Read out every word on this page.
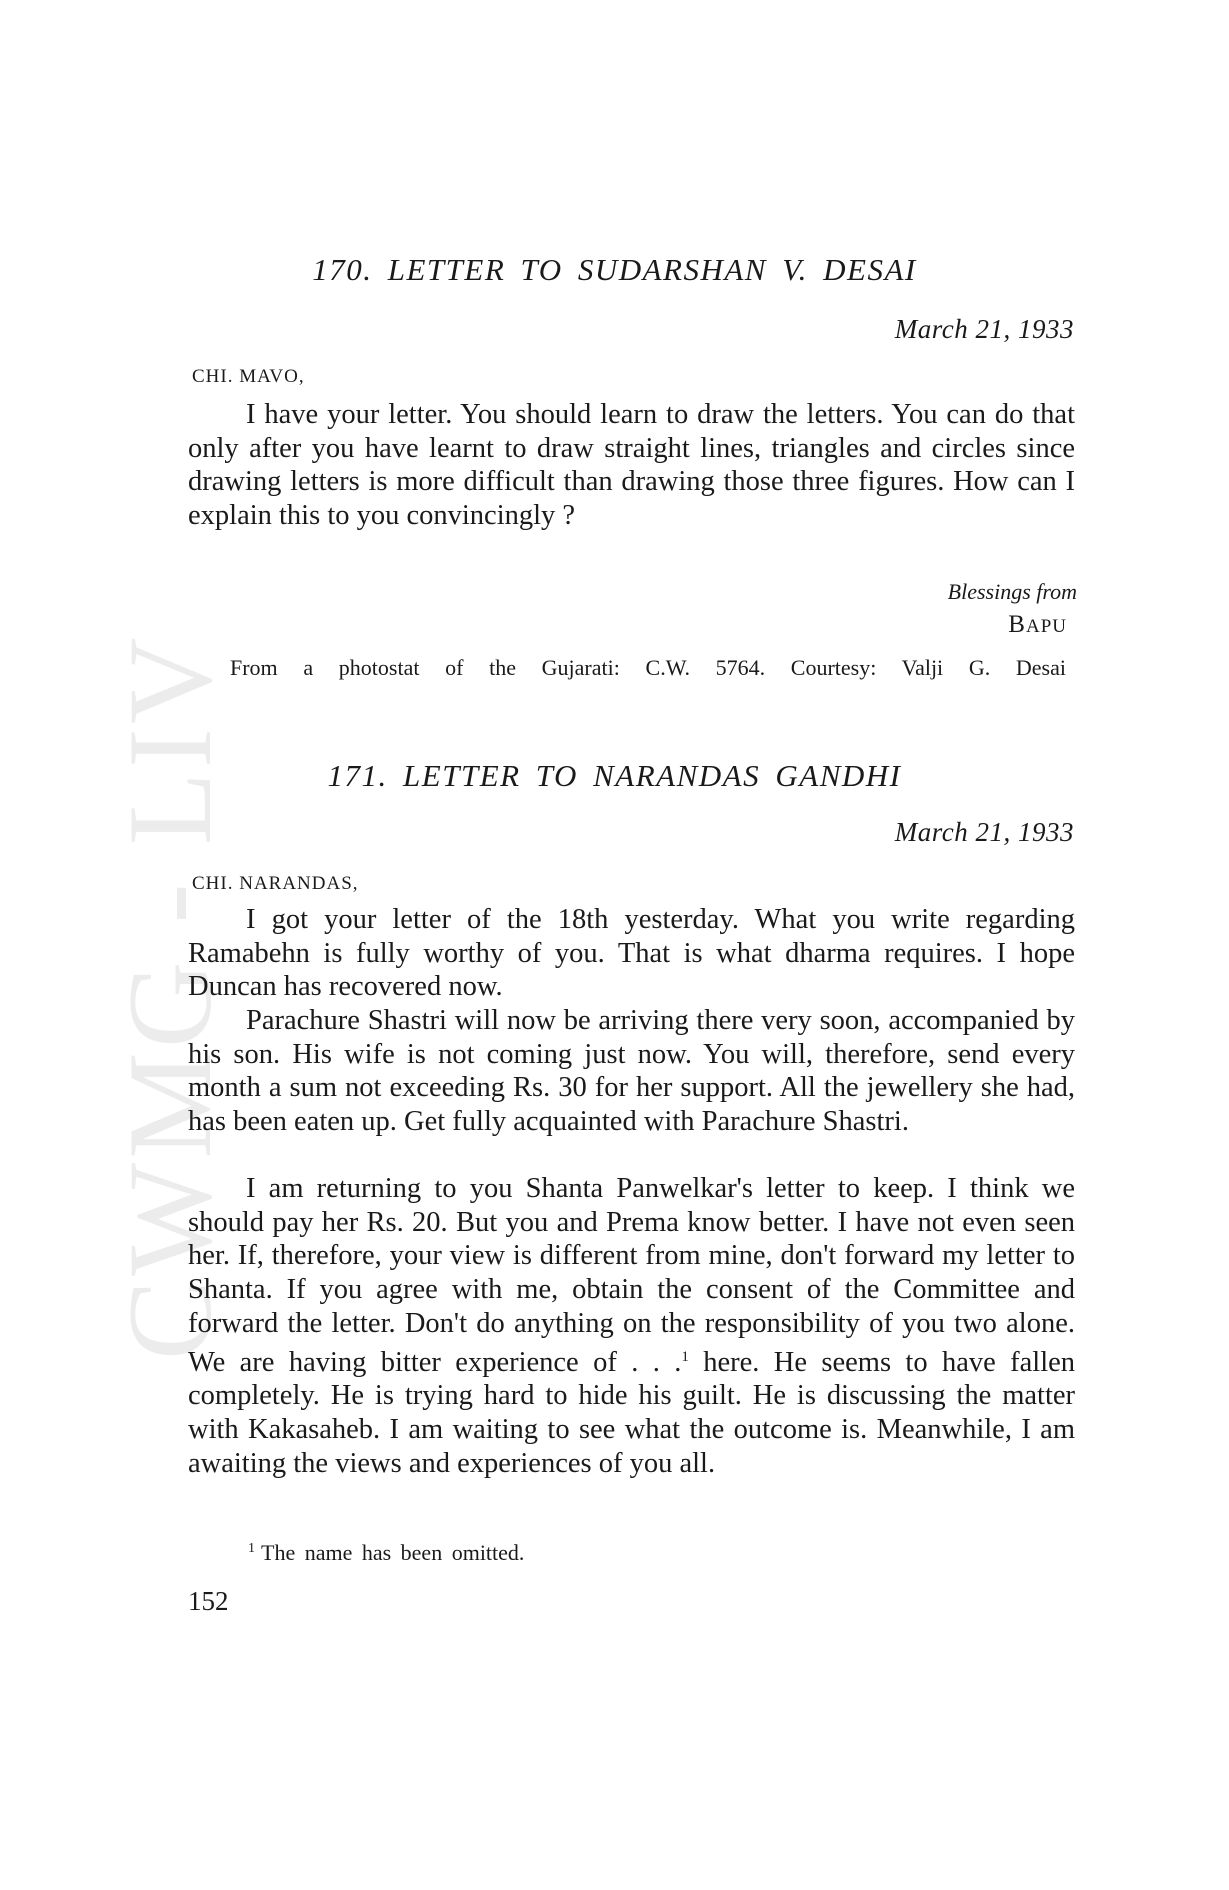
CWMG - LIV
170. LETTER TO SUDARSHAN V. DESAI
March 21, 1933
CHI. MAVO,

I have your letter. You should learn to draw the letters. You can do that only after you have learnt to draw straight lines, triangles and circles since drawing letters is more difficult than drawing those three figures. How can I explain this to you convincingly ?

Blessings from
BAPU
From a photostat of the Gujarati: C.W. 5764. Courtesy: Valji G. Desai
171. LETTER TO NARANDAS GANDHI
March 21, 1933
CHI. NARANDAS,

I got your letter of the 18th yesterday. What you write regarding Ramabehn is fully worthy of you. That is what dharma requires. I hope Duncan has recovered now.

Parachure Shastri will now be arriving there very soon, accompanied by his son. His wife is not coming just now. You will, therefore, send every month a sum not exceeding Rs. 30 for her support. All the jewellery she had, has been eaten up. Get fully acquainted with Parachure Shastri.

I am returning to you Shanta Panwelkar's letter to keep. I think we should pay her Rs. 20. But you and Prema know better. I have not even seen her. If, therefore, your view is different from mine, don't forward my letter to Shanta. If you agree with me, obtain the consent of the Committee and forward the letter. Don't do anything on the responsibility of you two alone. We are having bitter experience of . . .$^1$ here. He seems to have fallen completely. He is trying hard to hide his guilt. He is discussing the matter with Kakasaheb. I am waiting to see what the outcome is. Meanwhile, I am awaiting the views and experiences of you all.

$^1$ The name has been omitted.
152
